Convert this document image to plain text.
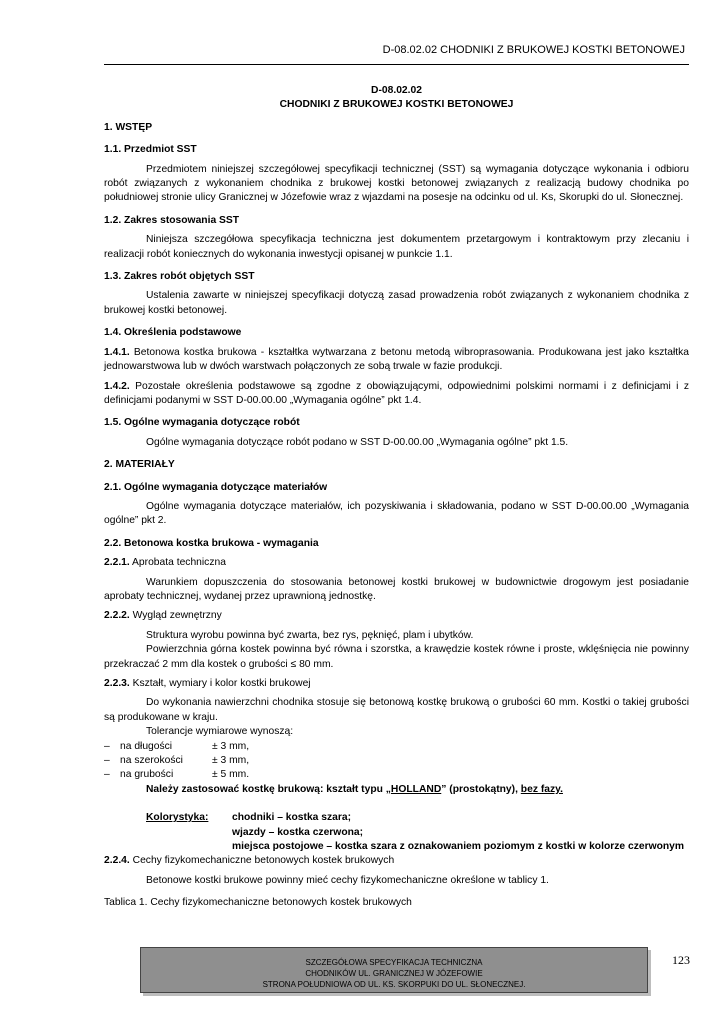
D-08.02.02 CHODNIKI Z BRUKOWEJ KOSTKI BETONOWEJ
D-08.02.02
CHODNIKI Z BRUKOWEJ KOSTKI BETONOWEJ
1. WSTĘP
1.1. Przedmiot SST

Przedmiotem niniejszej szczegółowej specyfikacji technicznej (SST) są wymagania dotyczące wykonania i odbioru robót związanych z wykonaniem chodnika z brukowej kostki betonowej związanych z realizacją budowy chodnika po południowej stronie ulicy Granicznej w Józefowie wraz z wjazdami na posesje na odcinku od ul. Ks, Skorupki do ul. Słonecznej.

1.2. Zakres stosowania SST

Niniejsza szczegółowa specyfikacja techniczna jest dokumentem przetargowym i kontraktowym przy zlecaniu i realizacji robót koniecznych do wykonania inwestycji opisanej w punkcie 1.1.

1.3. Zakres robót objętych SST

Ustalenia zawarte w niniejszej specyfikacji dotyczą zasad prowadzenia robót związanych z wykonaniem chodnika z brukowej kostki betonowej.

1.4. Określenia podstawowe

1.4.1. Betonowa kostka brukowa - kształtka wytwarzana z betonu metodą wibroprasowania. Produkowana jest jako kształtka jednowarstwowa lub w dwóch warstwach połączonych ze sobą trwale w fazie produkcji.

1.4.2. Pozostałe określenia podstawowe są zgodne z obowiązującymi, odpowiednimi polskimi normami i z definicjami i z definicjami podanymi w SST D-00.00.00 „Wymagania ogólne” pkt 1.4.

1.5. Ogólne wymagania dotyczące robót

Ogólne wymagania dotyczące robót podano w SST D-00.00.00 „Wymagania ogólne” pkt 1.5.

2. MATERIAŁY
2.1. Ogólne wymagania dotyczące materiałów

Ogólne wymagania dotyczące materiałów, ich pozyskiwania i składowania, podano w SST D-00.00.00 „Wymagania ogólne” pkt 2.

2.2. Betonowa kostka brukowa - wymagania

2.2.1. Aprobata techniczna

Warunkiem dopuszczenia do stosowania betonowej kostki brukowej w budownictwie drogowym jest posiadanie aprobaty technicznej, wydanej przez uprawnioną jednostkę.

2.2.2. Wygląd zewnętrzny

Struktura wyrobu powinna być zwarta, bez rys, pęknięć, plam i ubytków.

Powierzchnia górna kostek powinna być równa i szorstka, a krawędzie kostek równe i proste, wklęśnięcia nie powinny przekraczać 2 mm dla kostek o grubości ≤ 80 mm.

2.2.3. Kształt, wymiary i kolor kostki brukowej

Do wykonania nawierzchni chodnika stosuje się betonową kostkę brukową o grubości 60 mm. Kostki o takiej grubości są produkowane w kraju.

Tolerancje wymiarowe wynoszą:
– na długości	± 3 mm,
– na szerokości	± 3 mm,
– na grubości	± 5 mm.
Należy zastosować kostkę brukową: kształt typu „HOLLAND” (prostokątny), bez fazy.
Kolorystyka:	chodniki – kostka szara;
wjazdy – kostka czerwona;
miejsca postojowe – kostka szara z oznakowaniem poziomym z kostki w kolorze czerwonym

2.2.4. Cechy fizykomechaniczne betonowych kostek brukowych

Betonowe kostki brukowe powinny mieć cechy fizykomechaniczne określone w tablicy 1.

Tablica 1. Cechy fizykomechaniczne betonowych kostek brukowych

SZCZEGÓŁOWA SPECYFIKACJA TECHNICZNA
CHODNIKÓW UL. GRANICZNEJ W JÓZEFOWIE
STRONA POŁUDNIOWA OD UL. KS. SKORPUKI DO UL. SŁONECZNEJ.
123
